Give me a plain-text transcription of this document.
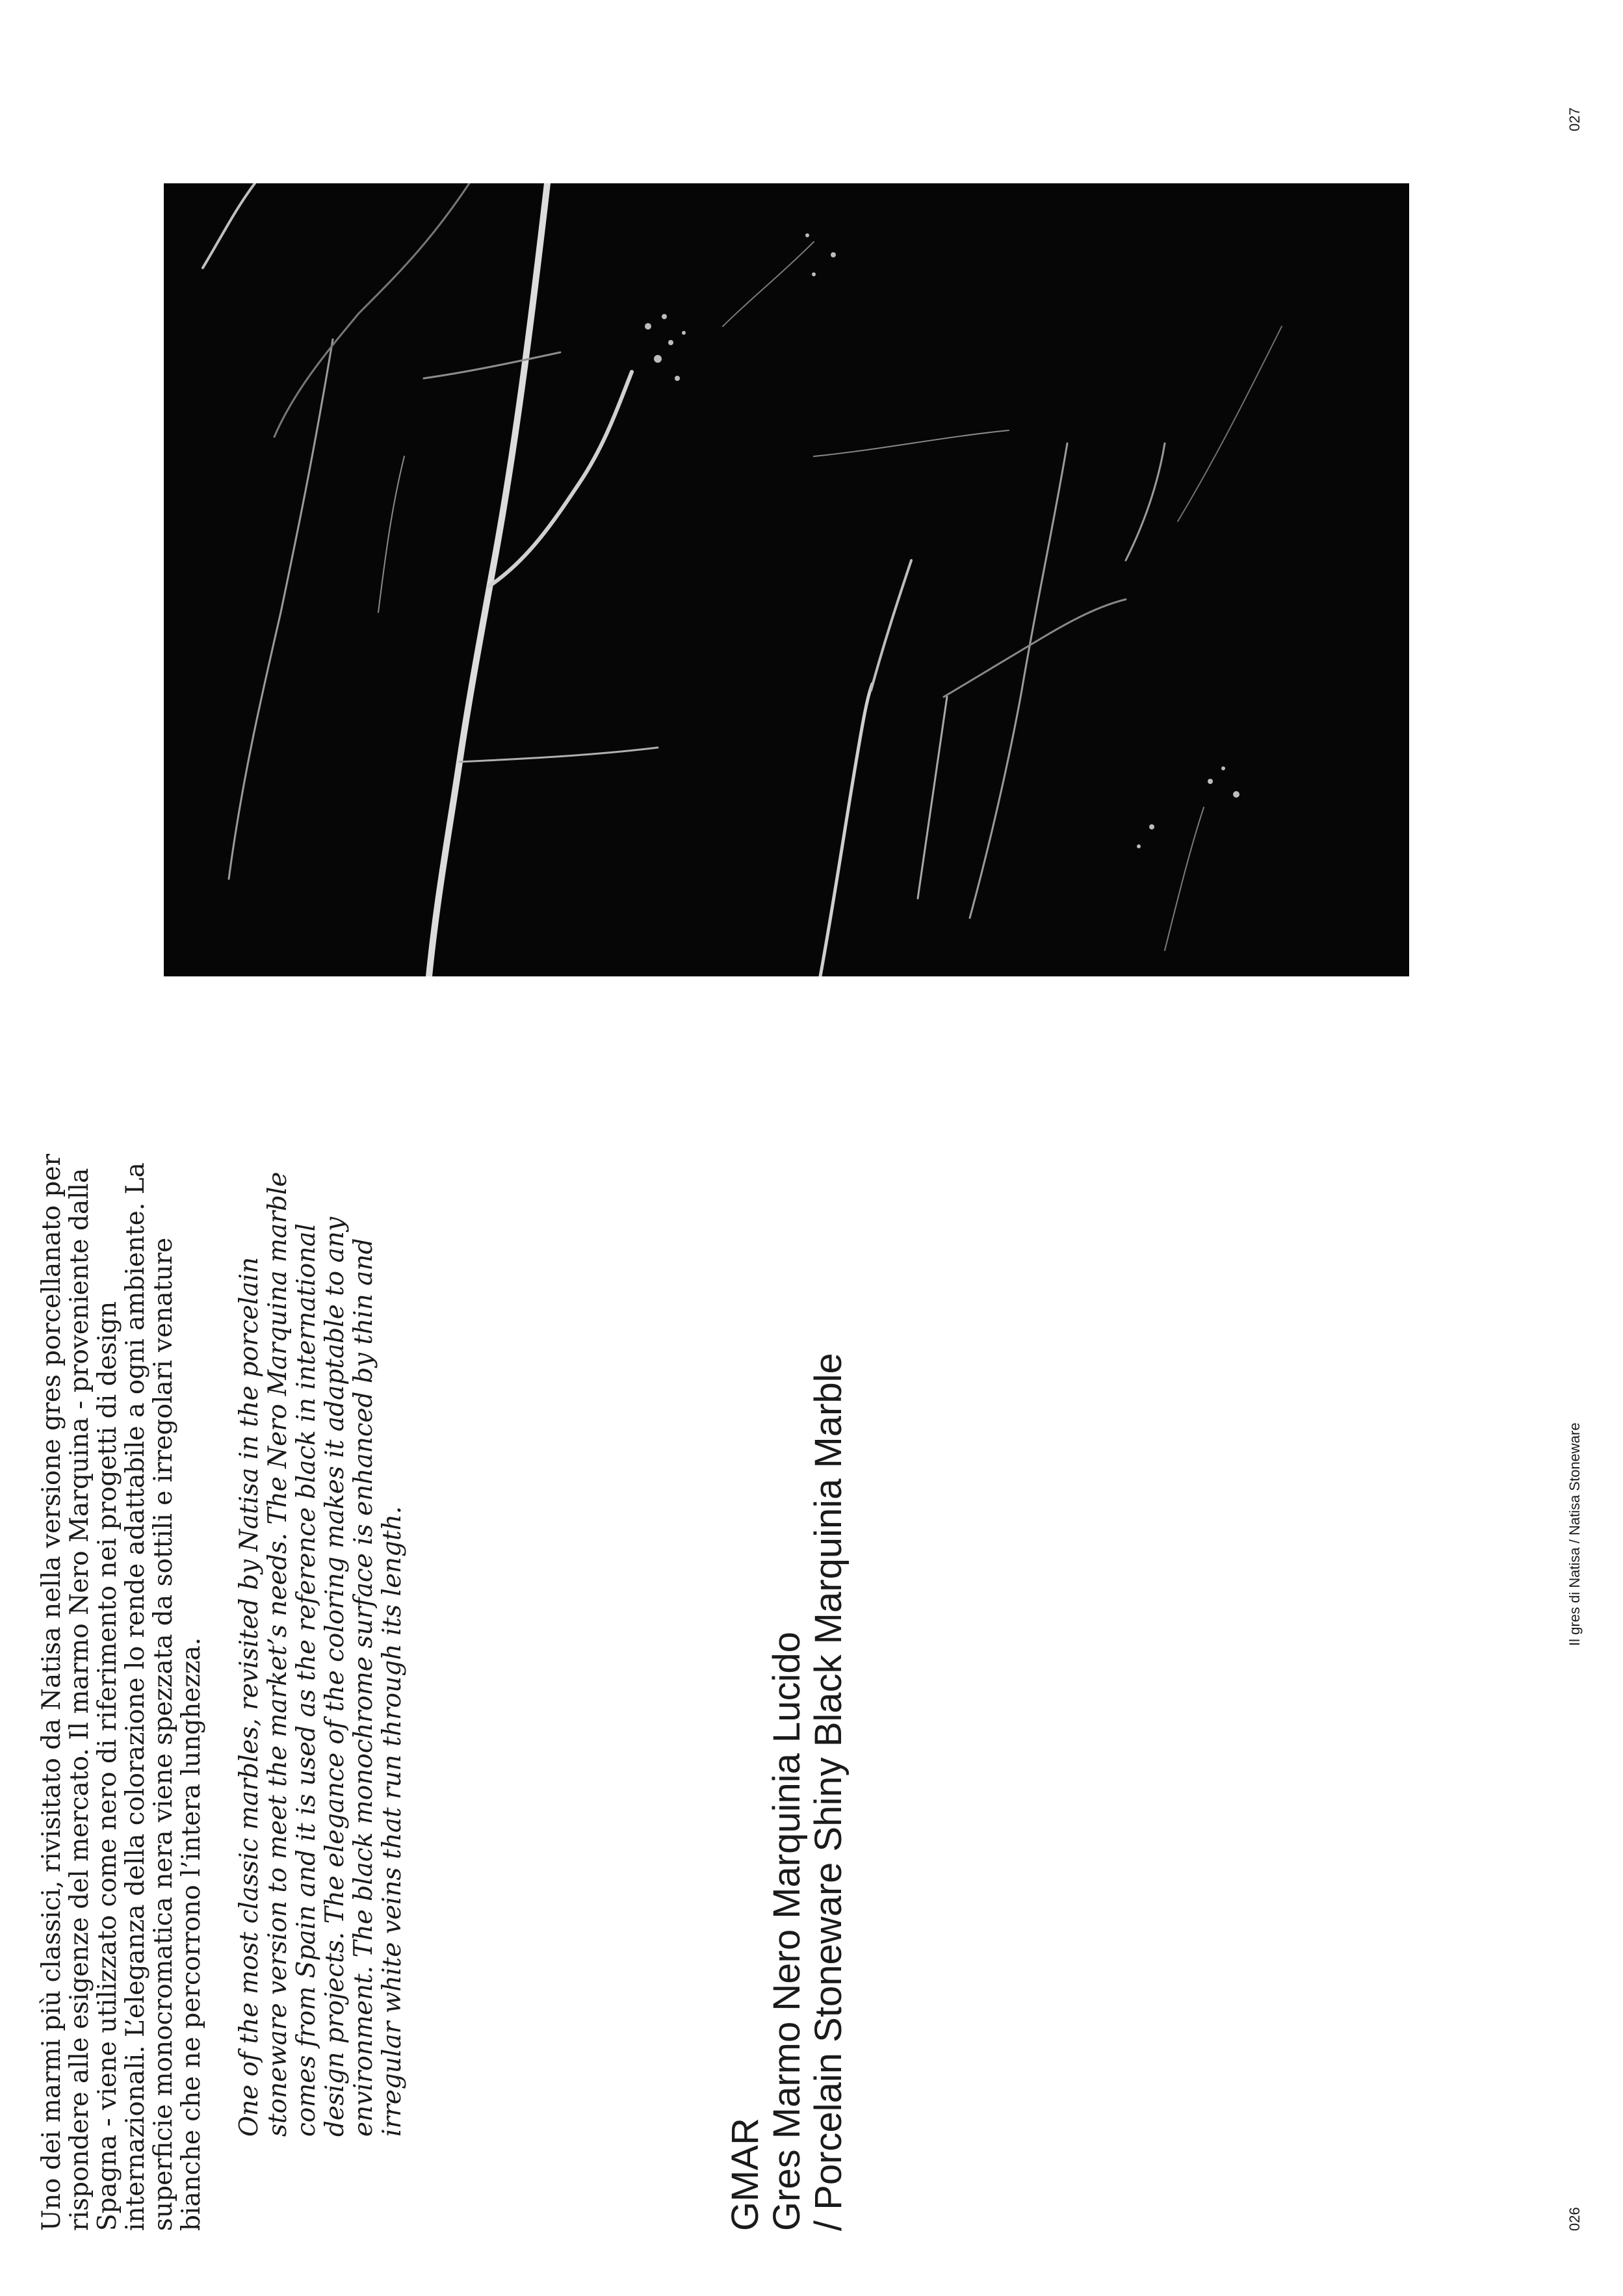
Uno dei marmi più classici, rivisitato da Natisa nella versione gres porcellanato per rispondere alle esigenze del mercato. Il marmo Nero Marquina - proveniente dalla Spagna - viene utilizzato come nero di riferimento nei progetti di design internazionali. L’eleganza della colorazione lo rende adattabile a ogni ambiente. La superficie monocromatica nera viene spezzata da sottili e irregolari venature bianche che ne percorrono l’intera lunghezza. One of the most classic marbles, revisited by Natisa in the porcelain stoneware version to meet the market’s needs. The Nero Marquina marble comes from Spain and it is used as the reference black in international design projects. The elegance of the coloring makes it adaptable to any environment. The black monochrome surface is enhanced by thin and irregular white veins that run through its length.

GMAR Gres Marmo Nero Marquinia Lucido / Porcelain Stoneware Shiny Black Marquinia Marble	026
Il gres di Natisa / Natisa Stoneware
027
